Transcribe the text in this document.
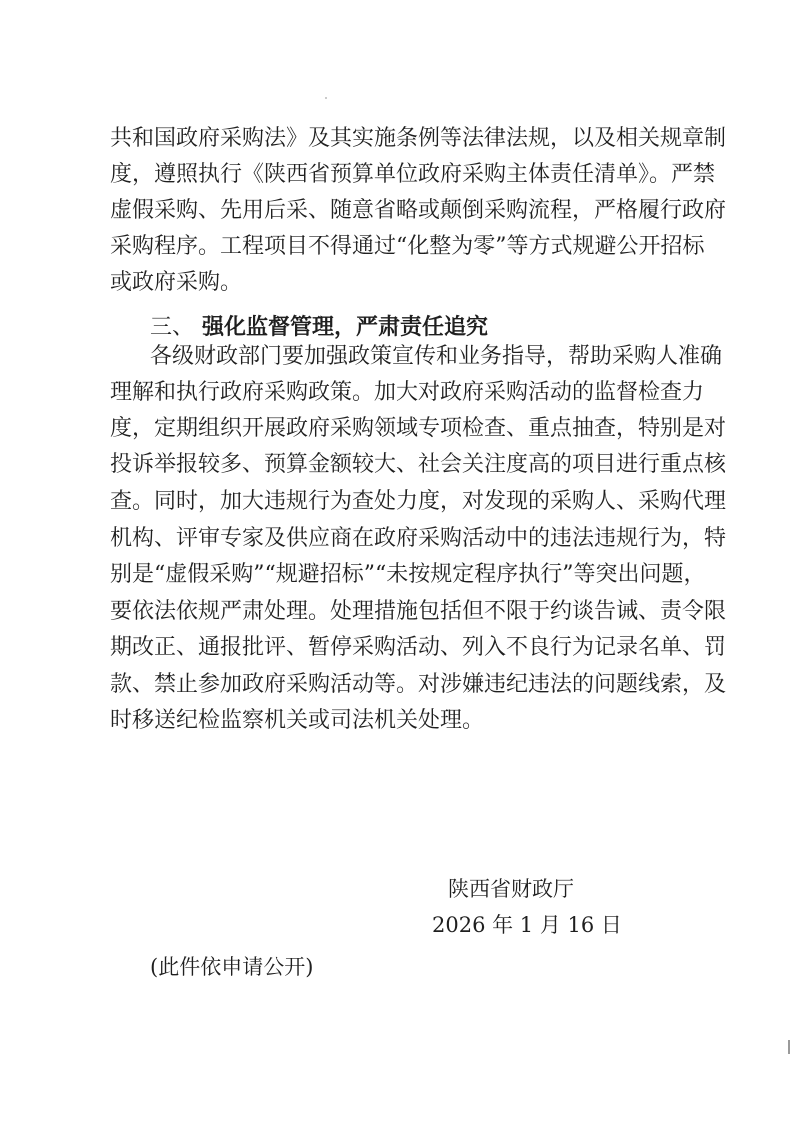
共和国政府采购法》及其实施条例等法律法规，以及相关规章制
度，遵照执行《陕西省预算单位政府采购主体责任清单》。严禁
虚假采购、先用后采、随意省略或颠倒采购流程，严格履行政府
采购程序。工程项目不得通过“化整为零”等方式规避公开招标
或政府采购。
三、 强化监督管理，严肃责任追究
各级财政部门要加强政策宣传和业务指导，帮助采购人准确
理解和执行政府采购政策。加大对政府采购活动的监督检查力
度，定期组织开展政府采购领域专项检查、重点抽查，特别是对
投诉举报较多、预算金额较大、社会关注度高的项目进行重点核
查。同时，加大违规行为查处力度，对发现的采购人、采购代理
机构、评审专家及供应商在政府采购活动中的违法违规行为，特
别是“虚假采购”“规避招标”“未按规定程序执行”等突出问题，
要依法依规严肃处理。处理措施包括但不限于约谈告诫、责令限
期改正、通报批评、暂停采购活动、列入不良行为记录名单、罚
款、禁止参加政府采购活动等。对涉嫌违纪违法的问题线索，及
时移送纪检监察机关或司法机关处理。
陕西省财政厅
2026 年 1 月 16 日
(此件依申请公开)
